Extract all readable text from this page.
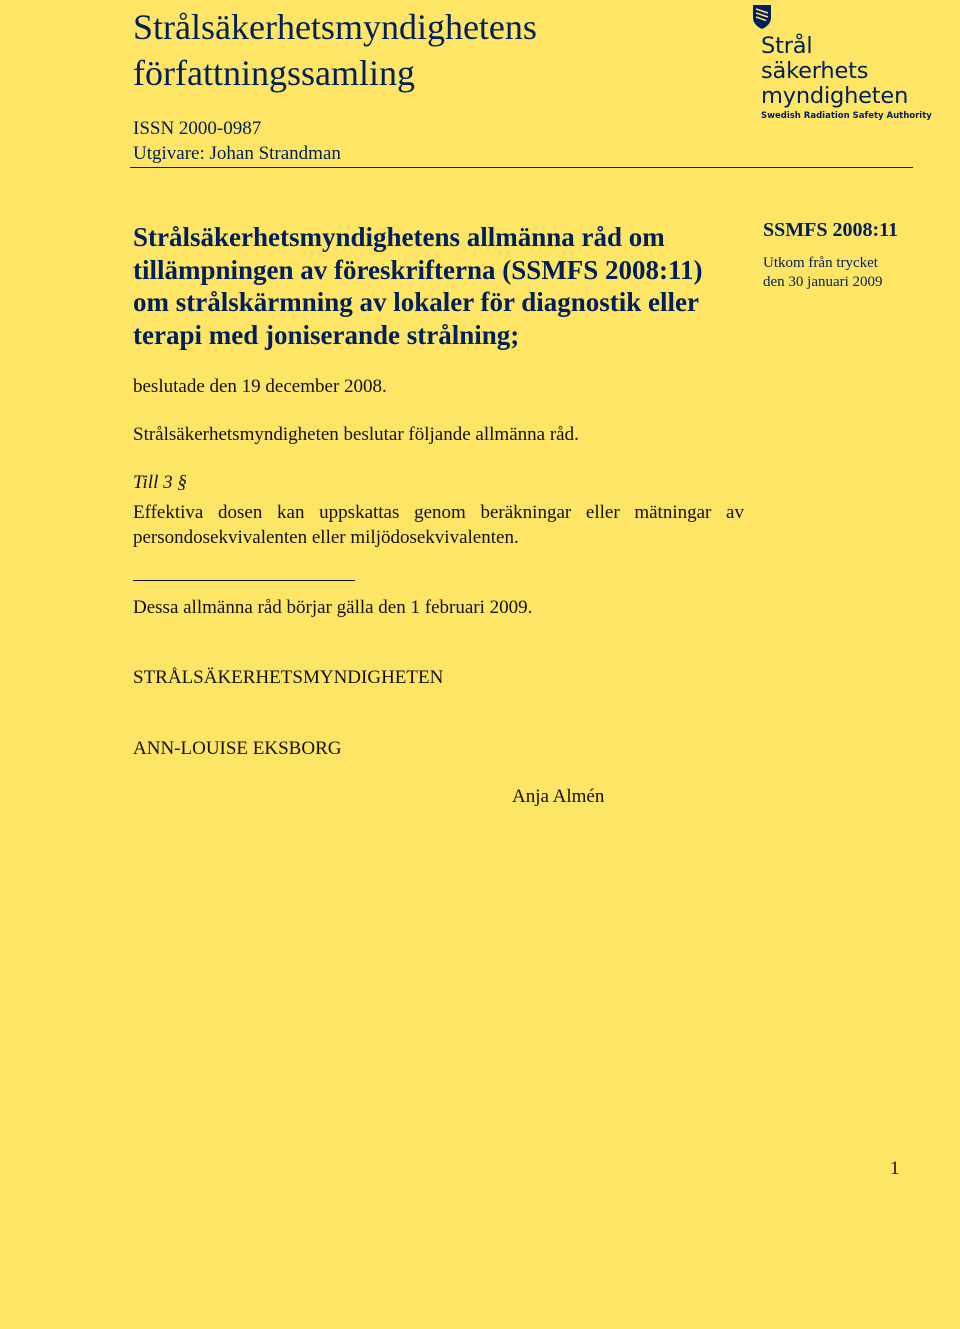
Strålsäkerhetsmyndighetens
författningssamling
ISSN 2000-0987
Utgivare: Johan Strandman
Strål
säkerhets
myndigheten
Swedish Radiation Safety Authority
Strålsäkerhetsmyndighetens allmänna råd om
tillämpningen av föreskrifterna (SSMFS 2008:11)
om strålskärmning av lokaler för diagnostik eller
terapi med joniserande strålning;
SSMFS 2008:11
Utkom från trycket
den 30 januari 2009
beslutade den 19 december 2008.
Strålsäkerhetsmyndigheten beslutar följande allmänna råd.
Till 3 §
Effektiva dosen kan uppskattas genom beräkningar eller mätningar av
persondosekvivalenten eller miljödosekvivalenten.
Dessa allmänna råd börjar gälla den 1 februari 2009.
STRÅLSÄKERHETSMYNDIGHETEN
ANN-LOUISE EKSBORG
Anja Almén
1
